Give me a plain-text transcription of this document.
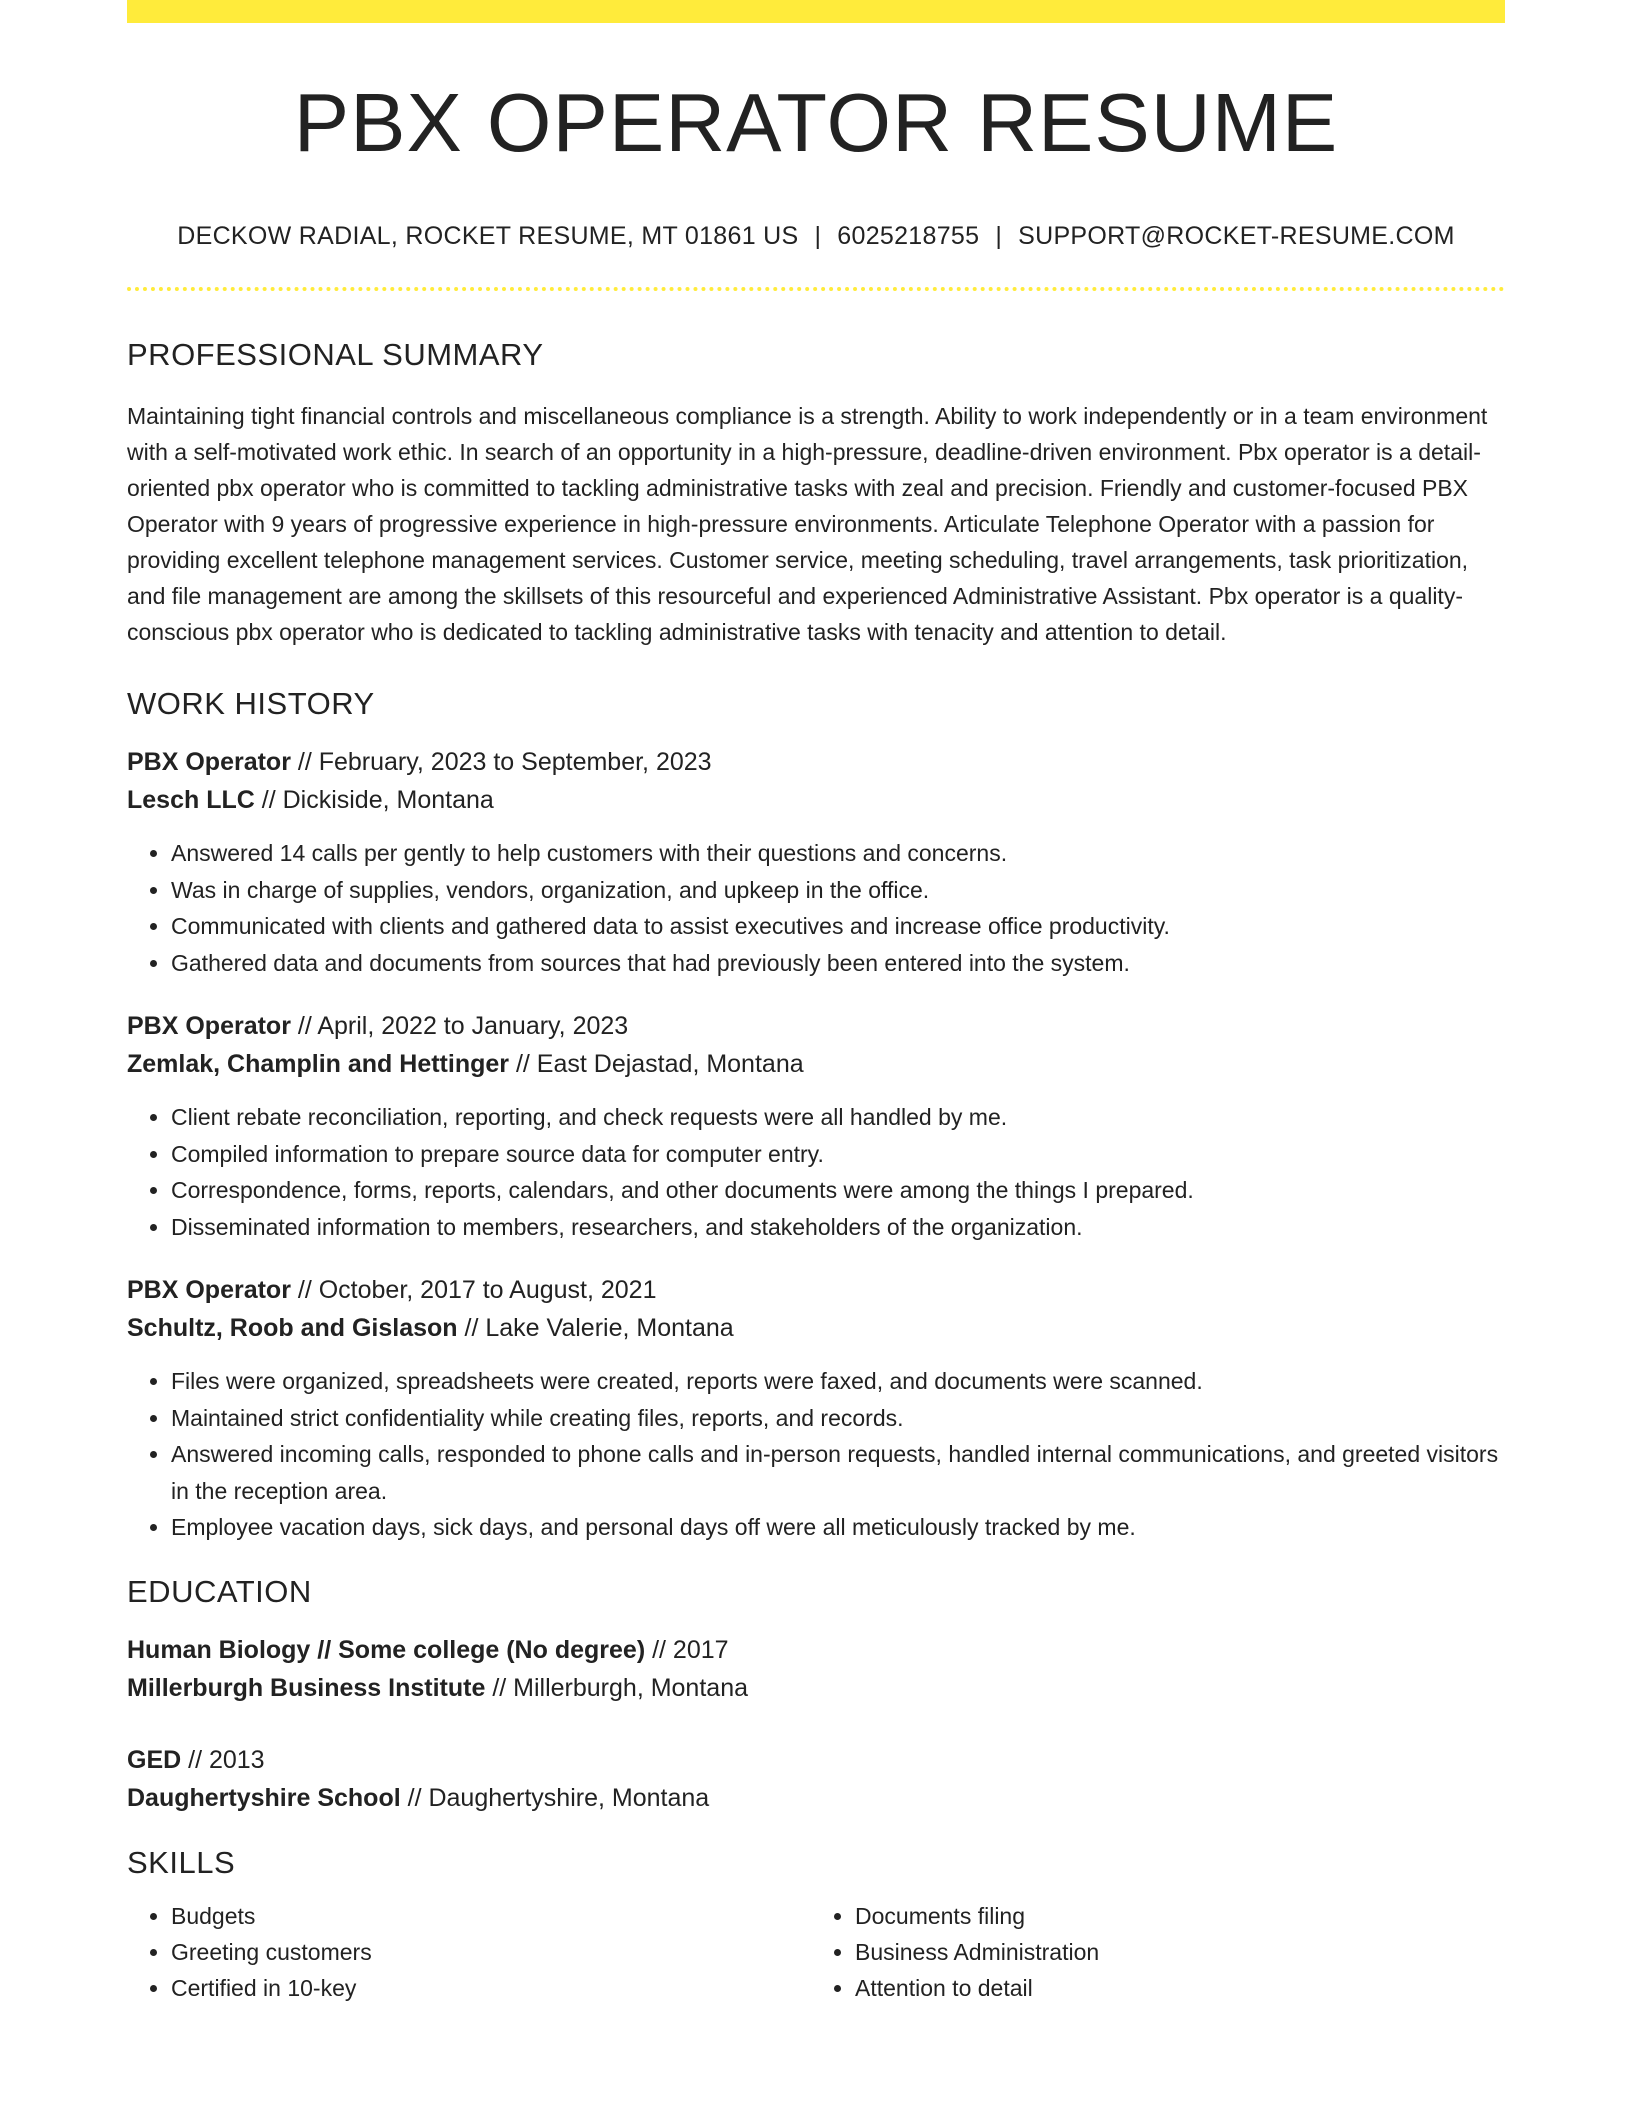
PBX OPERATOR RESUME
DECKOW RADIAL, ROCKET RESUME, MT 01861 US | 6025218755 | SUPPORT@ROCKET-RESUME.COM
PROFESSIONAL SUMMARY

Maintaining tight financial controls and miscellaneous compliance is a strength. Ability to work independently or in a team environment with a self-motivated work ethic. In search of an opportunity in a high-pressure, deadline-driven environment. Pbx operator is a detail-oriented pbx operator who is committed to tackling administrative tasks with zeal and precision. Friendly and customer-focused PBX Operator with 9 years of progressive experience in high-pressure environments. Articulate Telephone Operator with a passion for providing excellent telephone management services. Customer service, meeting scheduling, travel arrangements, task prioritization, and file management are among the skillsets of this resourceful and experienced Administrative Assistant. Pbx operator is a quality-conscious pbx operator who is dedicated to tackling administrative tasks with tenacity and attention to detail.

WORK HISTORY
PBX Operator // February, 2023 to September, 2023
Lesch LLC // Dickiside, Montana
• Answered 14 calls per gently to help customers with their questions and concerns.
• Was in charge of supplies, vendors, organization, and upkeep in the office.
• Communicated with clients and gathered data to assist executives and increase office productivity.
• Gathered data and documents from sources that had previously been entered into the system.
PBX Operator // April, 2022 to January, 2023
Zemlak, Champlin and Hettinger // East Dejastad, Montana
• Client rebate reconciliation, reporting, and check requests were all handled by me.
• Compiled information to prepare source data for computer entry.
• Correspondence, forms, reports, calendars, and other documents were among the things I prepared.
• Disseminated information to members, researchers, and stakeholders of the organization.
PBX Operator // October, 2017 to August, 2021
Schultz, Roob and Gislason // Lake Valerie, Montana
• Files were organized, spreadsheets were created, reports were faxed, and documents were scanned.
• Maintained strict confidentiality while creating files, reports, and records.
• Answered incoming calls, responded to phone calls and in-person requests, handled internal communications, and greeted visitors in the reception area.
• Employee vacation days, sick days, and personal days off were all meticulously tracked by me.
EDUCATION
Human Biology // Some college (No degree) // 2017
Millerburgh Business Institute // Millerburgh, Montana
GED // 2013
Daughertyshire School // Daughertyshire, Montana
SKILLS
• Budgets
• Greeting customers
• Certified in 10-key
• Documents filing
• Business Administration
• Attention to detail
